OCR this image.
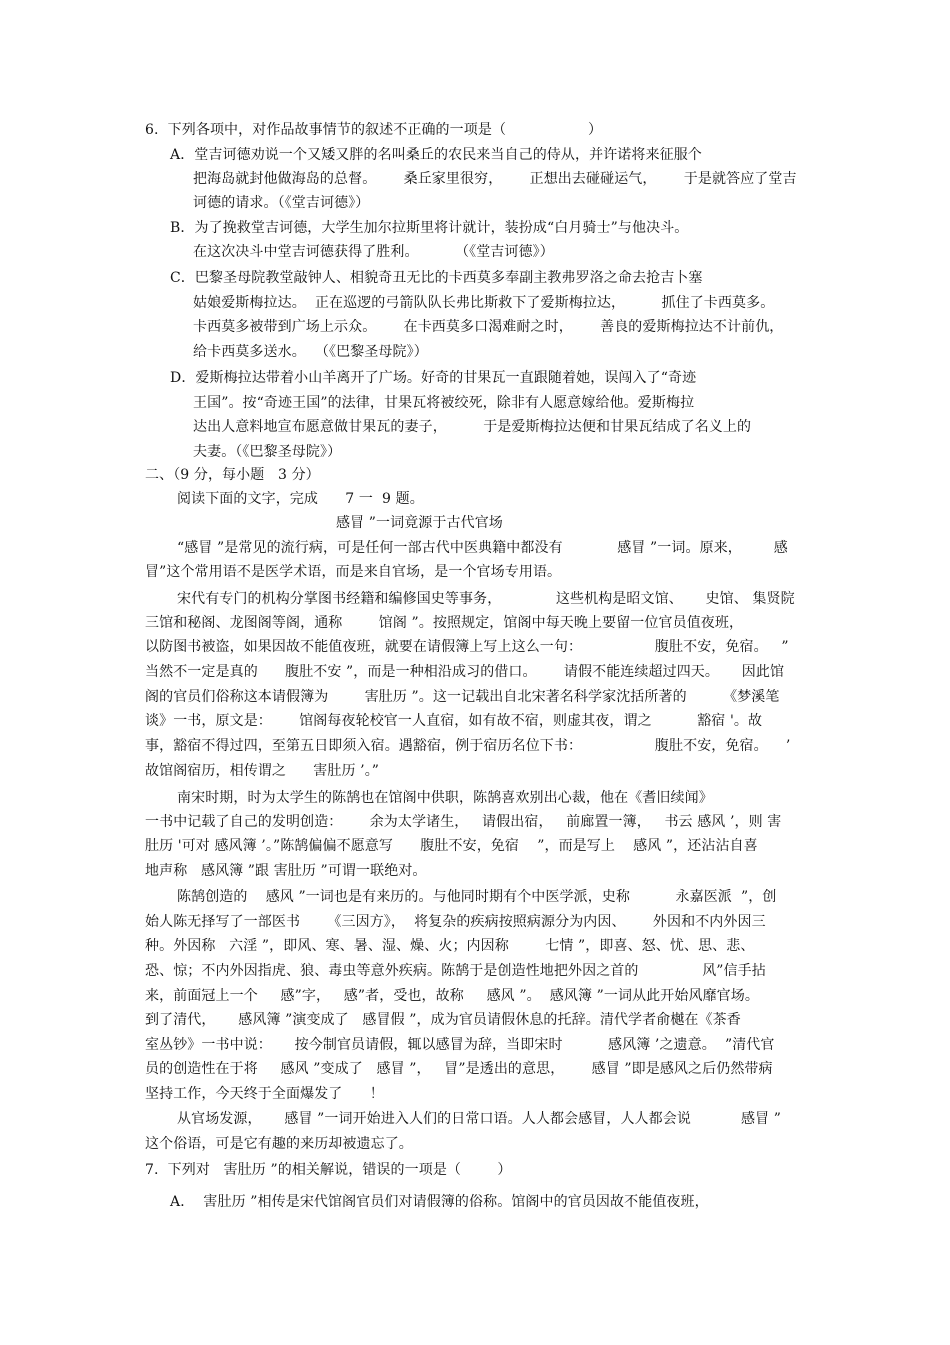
6.  下列各项中，对作品故事情节的叙述不正确的一项是（                  ）
A．堂吉诃德劝说一个又矮又胖的名叫桑丘的农民来当自己的侍从，并许诺将来征服个
把海岛就封他做海岛的总督。      桑丘家里很穷，      正想出去碰碰运气，      于是就答应了堂吉
诃德的请求。（《堂吉诃德》）
B．为了挽救堂吉诃德，大学生加尔拉斯里将计就计，装扮成“白月骑士”与他决斗。
在这次决斗中堂吉诃德获得了胜利。        （《堂吉诃德》）
C．巴黎圣母院教堂敲钟人、相貌奇丑无比的卡西莫多奉副主教弗罗洛之命去抢吉卜塞
姑娘爱斯梅拉达。  正在巡逻的弓箭队队长弗比斯救下了爱斯梅拉达，        抓住了卡西莫多。
卡西莫多被带到广场上示众。      在卡西莫多口渴难耐之时，      善良的爱斯梅拉达不计前仇，
给卡西莫多送水。  （《巴黎圣母院》）
D．爱斯梅拉达带着小山羊离开了广场。好奇的甘果瓦一直跟随着她，误闯入了“奇迹
王国”。按“奇迹王国”的法律，甘果瓦将被绞死，除非有人愿意嫁给他。爱斯梅拉
达出人意料地宣布愿意做甘果瓦的妻子，        于是爱斯梅拉达便和甘果瓦结成了名义上的
夫妻。（《巴黎圣母院》）
二、（9 分，每小题   3 分）
阅读下面的文字，完成      7 一  9 题。
感冒 ”一词竟源于古代官场
“感冒 ”是常见的流行病，可是任何一部古代中医典籍中都没有            感冒 ”一词。原来，       感
冒”这个常用语不是医学术语，而是来自官场，是一个官场专用语。
宋代有专门的机构分掌图书经籍和编修国史等事务，            这些机构是昭文馆、     史馆、 集贤院
三馆和秘阁、龙图阁等阁，通称        馆阁 ”。按照规定，馆阁中每天晚上要留一位官员值夜班，
以防图书被盗，如果因故不能值夜班，就要在请假簿上写上这么一句：                腹肚不安，免宿。   ”
当然不一定是真的      腹肚不安 ”，而是一种相沿成习的借口。      请假不能连续超过四天。     因此馆
阁的官员们俗称这本请假簿为        害肚历 ”。这一记载出自北宋著名科学家沈括所著的        《梦溪笔
谈》一书，原文是：      馆阁每夜轮校官一人直宿，如有故不宿，则虚其夜，谓之          豁宿 '。故
事，豁宿不得过四，至第五日即须入宿。遇豁宿，例于宿历名位下书：                腹肚不安，免宿。    ’
故馆阁宿历，相传谓之      害肚历 ’。”
南宋时期，时为太学生的陈鹄也在馆阁中供职，陈鹄喜欢别出心裁，他在《耆旧续闻》
一书中记载了自己的发明创造：      余为太学诸生，   请假出宿，   前廊置一簿，   书云 感风 ’，则 害
肚历 '可对 感风簿 ’。”陈鹄偏偏不愿意写      腹肚不安，免宿    ”，而是写上    感风 ”，还沾沾自喜
地声称   感风簿 ”跟 害肚历 ”可谓一联绝对。
陈鹄创造的    感风 ”一词也是有来历的。与他同时期有个中医学派，史称          永嘉医派  ”，创
始人陈无择写了一部医书      《三因方》，  将复杂的疾病按照病源分为内因、      外因和不内外因三
种。外因称   六淫 ”，即风、寒、暑、湿、燥、火；内因称        七情 ”，即喜、怒、忧、思、悲、
恐、惊；不内外因指虎、狼、毒虫等意外疾病。陈鹄于是创造性地把外因之首的              风”信手拈
来，前面冠上一个     感”字，   感”者，受也，故称     感风 ”。  感风簿 ”一词从此开始风靡官场。
到了清代，     感风簿 ”演变成了   感冒假 ”，成为官员请假休息的托辞。清代学者俞樾在《茶香
室丛钞》一书中说：     按今制官员请假，辄以感冒为辞，当即宋时          感风簿 ’之遗意。  ”清代官
员的创造性在于将     感风 ”变成了   感冒 ”，   冒”是透出的意思，      感冒 ”即是感风之后仍然带病
坚持工作，今天终于全面爆发了      ！
从官场发源，     感冒 ”一词开始进入人们的日常口语。人人都会感冒，人人都会说           感冒 ”
这个俗语，可是它有趣的来历却被遗忘了。
7.  下列对   害肚历 ”的相关解说，错误的一项是（        ）
A．  害肚历 ”相传是宋代馆阁官员们对请假簿的俗称。馆阁中的官员因故不能值夜班，
